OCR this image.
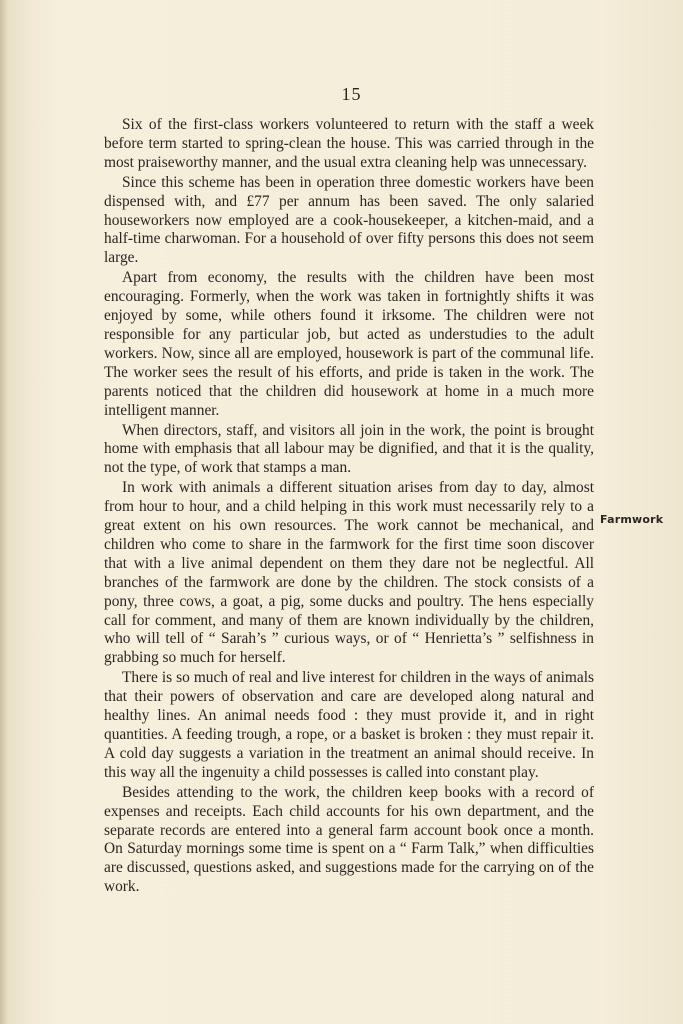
15

Six of the first-class workers volunteered to return with the staff a week before term started to spring-clean the house. This was carried through in the most praiseworthy manner, and the usual extra cleaning help was unnecessary.

Since this scheme has been in operation three domestic workers have been dispensed with, and £77 per annum has been saved. The only salaried houseworkers now employed are a cook-housekeeper, a kitchen-maid, and a half-time charwoman. For a household of over fifty persons this does not seem large.

Apart from economy, the results with the children have been most encouraging. Formerly, when the work was taken in fortnightly shifts it was enjoyed by some, while others found it irksome. The children were not responsible for any particular job, but acted as understudies to the adult workers. Now, since all are employed, housework is part of the communal life. The worker sees the result of his efforts, and pride is taken in the work. The parents noticed that the children did housework at home in a much more intelligent manner.

When directors, staff, and visitors all join in the work, the point is brought home with emphasis that all labour may be dignified, and that it is the quality, not the type, of work that stamps a man.

In work with animals a different situation arises from day to day, almost from hour to hour, and a child helping in this work must necessarily rely to a great extent on his own resources. The work cannot be mechanical, and children who come to share in the farmwork for the first time soon discover that with a live animal dependent on them they dare not be neglectful. All branches of the farmwork are done by the children. The stock consists of a pony, three cows, a goat, a pig, some ducks and poultry. The hens especially call for comment, and many of them are known individually by the children, who will tell of “ Sarah’s ” curious ways, or of “ Henrietta’s ” selfishness in grabbing so much for herself.

There is so much of real and live interest for children in the ways of animals that their powers of observation and care are developed along natural and healthy lines. An animal needs food : they must provide it, and in right quantities. A feeding trough, a rope, or a basket is broken : they must repair it. A cold day suggests a variation in the treatment an animal should receive. In this way all the ingenuity a child possesses is called into constant play.

Besides attending to the work, the children keep books with a record of expenses and receipts. Each child accounts for his own department, and the separate records are entered into a general farm account book once a month. On Saturday mornings some time is spent on a “ Farm Talk,” when difficulties are discussed, questions asked, and suggestions made for the carrying on of the work.

Farmwork
